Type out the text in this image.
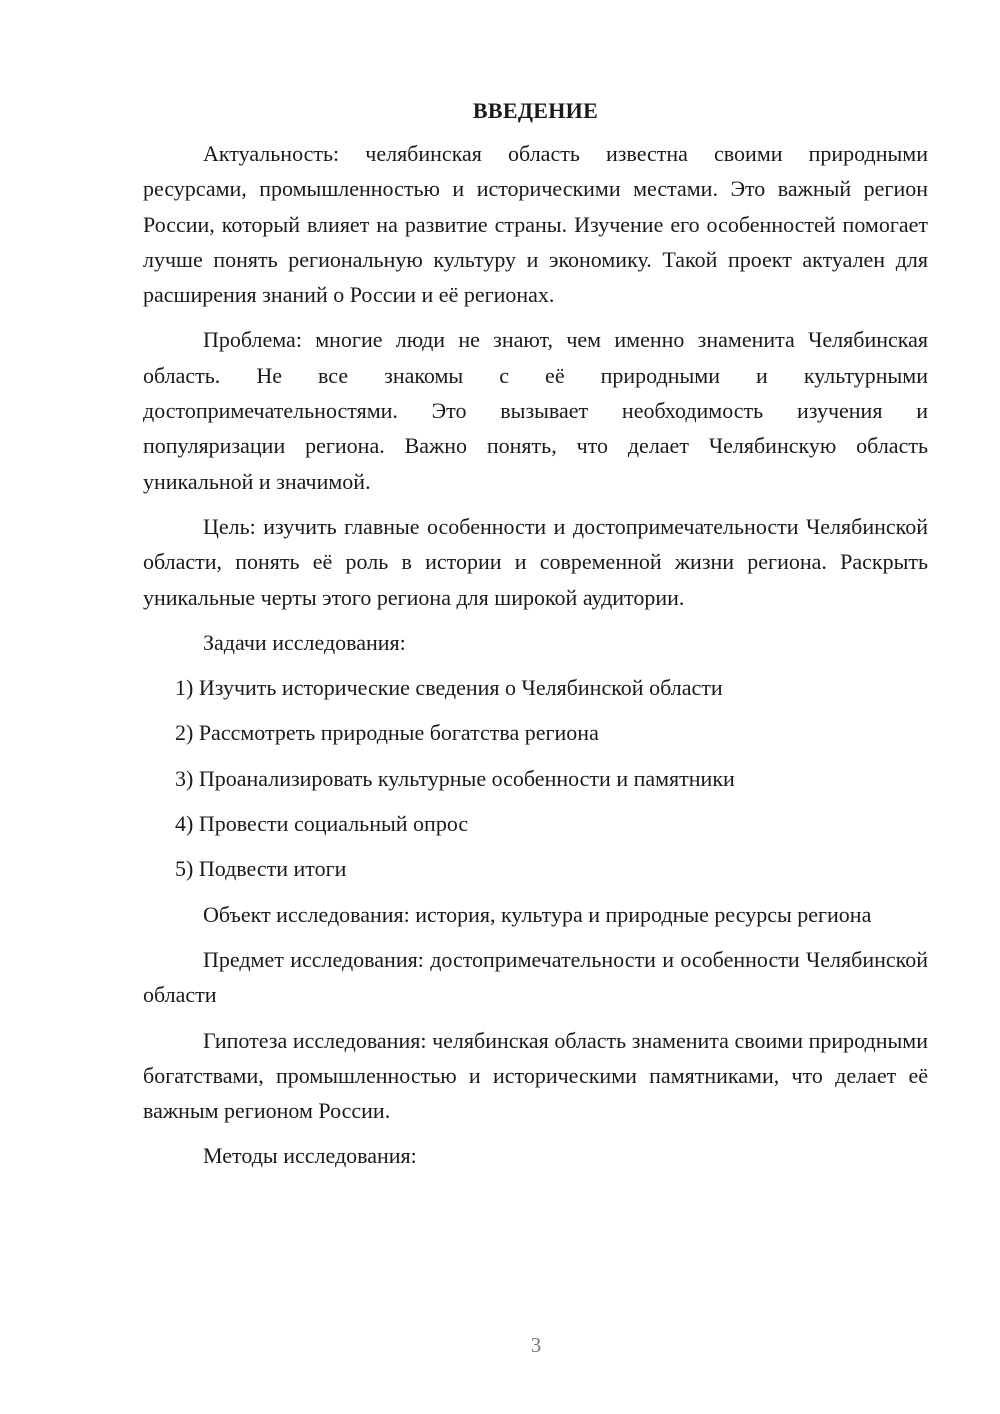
ВВЕДЕНИЕ

Актуальность: челябинская область известна своими природными ресурсами, промышленностью и историческими местами. Это важный регион России, который влияет на развитие страны. Изучение его особенностей помогает лучше понять региональную культуру и экономику. Такой проект актуален для расширения знаний о России и её регионах.

Проблема: многие люди не знают, чем именно знаменита Челябинская область. Не все знакомы с её природными и культурными достопримечательностями. Это вызывает необходимость изучения и популяризации региона. Важно понять, что делает Челябинскую область уникальной и значимой.

Цель: изучить главные особенности и достопримечательности Челябинской области, понять её роль в истории и современной жизни региона. Раскрыть уникальные черты этого региона для широкой аудитории.

Задачи исследования:

1) Изучить исторические сведения о Челябинской области

2) Рассмотреть природные богатства региона

3) Проанализировать культурные особенности и памятники

4) Провести социальный опрос

5) Подвести итоги

Объект исследования: история, культура и природные ресурсы региона

Предмет исследования: достопримечательности и особенности Челябинской области

Гипотеза исследования: челябинская область знаменита своими природными богатствами, промышленностью и историческими памятниками, что делает её важным регионом России.

Методы исследования:

3
